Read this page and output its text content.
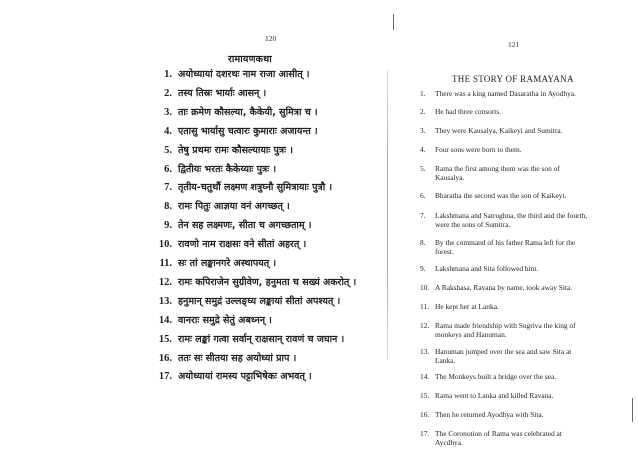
120
रामायणकथा
121
THE STORY OF RAMAYANA
1. अयोध्यायां दशरथः नाम राजा आसीत् ।
2. तस्य तिस्रः भार्याः आसन् ।
3. ताः क्रमेण कौसल्या, कैकेयी, सुमित्रा च ।
4. एतासु भार्यासु चत्वारः कुमाराः अजायन्त ।
5. तेषु प्रथमः रामः कौसल्यायाः पुत्रः ।
6. द्वितीयः भरतः कैकेय्याः पुत्रः ।
7. तृतीय-चतुर्थौ लक्ष्मण शत्रुघ्नौ सुमित्रायाः पुत्रौ ।
8. रामः पितुः आज्ञया वनं अगच्छत् ।
9. तेन सह लक्ष्मणः, सीता च अगच्छताम् ।
10. रावणो नाम राक्षसः वने सीतां अहरत् ।
11. सः तां लङ्कानगरे अस्थापयत् ।
12. रामः कपिराजेन सुग्रीवेण, हनुमता च सख्यं अकरोत् ।
13. हनुमान् समुद्रं उल्लङ्घ्य लङ्कायां सीतां अपश्यत् ।
14. वानराः समुद्रे सेतुं अबध्नन् ।
15. रामः लङ्कां गत्वा सर्वान् राक्षसान् रावणं च जघान ।
16. ततः सः सीतया सह अयोध्यां प्राप ।
17. अयोध्यायां रामस्य पट्टाभिषेकः अभवत् ।
1.	There was a king named Dasaratha in Ayodhya.
2.	He had three consorts.
3.	They were Kausalya, Kaikeyi and Sumitra.
4.	Four sons were born to them.
5.	Rama the first among them was the son of
Kausalya.
6.	Bharatha the second was the son of Kaikeyi.
7.	Lakshmana and Satrughna, the third and the fourth,
were the sons of Sumitra.
8.	By the command of his father Rama left for the
forest.
9.	Lakshmana and Sita followed him.
10. A Rakshasa, Ravana by name, took away Sita.
11. He kept her at Lanka.
12. Rama made friendship with Sugriva the king of
monkeys and Hanuman.
13. Hanuman jumped over the sea and saw Sita at
Lanka.
14. The Monkeys built a bridge over the sea.
15. Rama went to Lanka and killed Ravana.
16. Then he returned Ayodhya with Sita.
17. The Coronotion of Rama was celebrated at
Aycdhya.
